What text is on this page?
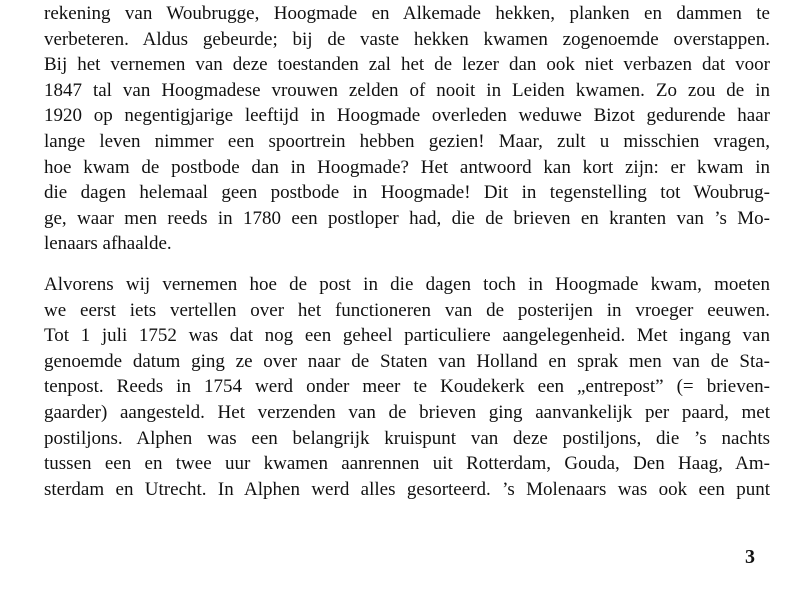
rekening van Woubrugge, Hoogmade en Alkemade hekken, planken en dammen te
verbeteren. Aldus gebeurde; bij de vaste hekken kwamen zogenoemde overstappen.
Bij het vernemen van deze toestanden zal het de lezer dan ook niet verbazen dat voor
1847 tal van Hoogmadese vrouwen zelden of nooit in Leiden kwamen. Zo zou de in
1920 op negentigjarige leeftijd in Hoogmade overleden weduwe Bizot gedurende haar
lange leven nimmer een spoortrein hebben gezien! Maar, zult u misschien vragen,
hoe kwam de postbode dan in Hoogmade? Het antwoord kan kort zijn: er kwam in
die dagen helemaal geen postbode in Hoogmade! Dit in tegenstelling tot Woubrug-
ge, waar men reeds in 1780 een postloper had, die de brieven en kranten van ’s Mo-
lenaars afhaalde.
Alvorens wij vernemen hoe de post in die dagen toch in Hoogmade kwam, moeten
we eerst iets vertellen over het functioneren van de posterijen in vroeger eeuwen.
Tot 1 juli 1752 was dat nog een geheel particuliere aangelegenheid. Met ingang van
genoemde datum ging ze over naar de Staten van Holland en sprak men van de Sta-
tenpost. Reeds in 1754 werd onder meer te Koudekerk een „entrepost” (= brieven-
gaarder) aangesteld. Het verzenden van de brieven ging aanvankelijk per paard, met
postiljons. Alphen was een belangrijk kruispunt van deze postiljons, die ’s nachts
tussen een en twee uur kwamen aanrennen uit Rotterdam, Gouda, Den Haag, Am-
sterdam en Utrecht. In Alphen werd alles gesorteerd. ’s Molenaars was ook een punt
3
